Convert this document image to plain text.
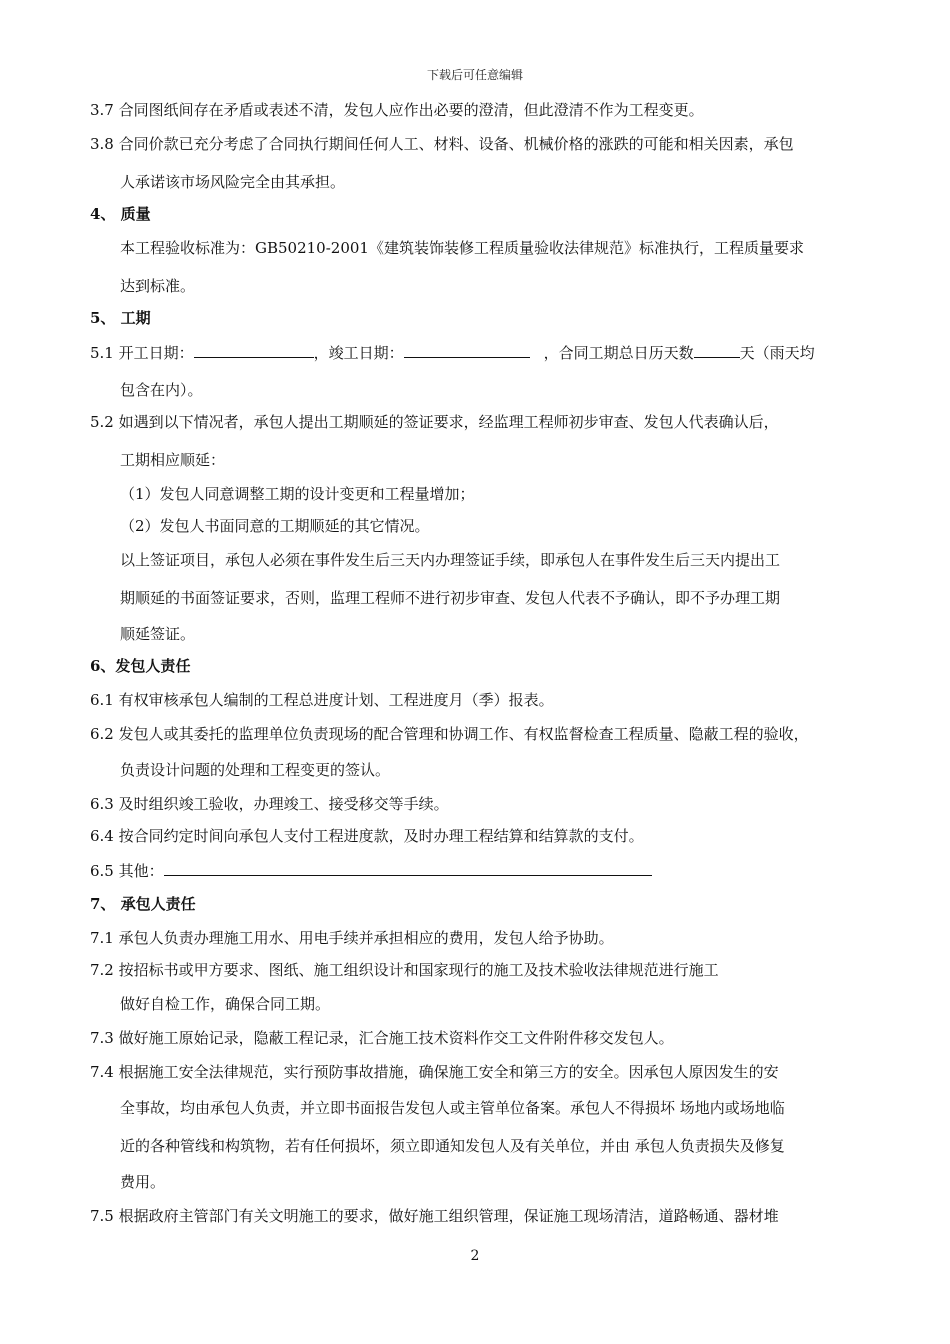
下载后可任意编辑
3.7 合同图纸间存在矛盾或表述不清，发包人应作出必要的澄清，但此澄清不作为工程变更。
3.8 合同价款已充分考虑了合同执行期间任何人工、材料、设备、机械价格的涨跌的可能和相关因素，承包
人承诺该市场风险完全由其承担。
4、 质量
本工程验收标准为：GB50210-2001《建筑装饰装修工程质量验收法律规范》标准执行，工程质量要求
达到标准。
5、 工期
5.1 开工日期：	，竣工日期：	，合同工期总日历天数	天（雨天均
包含在内）。
5.2 如遇到以下情况者，承包人提出工期顺延的签证要求，经监理工程师初步审查、发包人代表确认后，
工期相应顺延：
（1）发包人同意调整工期的设计变更和工程量增加；
（2）发包人书面同意的工期顺延的其它情况。
以上签证项目，承包人必须在事件发生后三天内办理签证手续，即承包人在事件发生后三天内提出工
期顺延的书面签证要求，否则，监理工程师不进行初步审查、发包人代表不予确认，即不予办理工期
顺延签证。
6、发包人责任
6.1 有权审核承包人编制的工程总进度计划、工程进度月（季）报表。
6.2 发包人或其委托的监理单位负责现场的配合管理和协调工作、有权监督检查工程质量、隐蔽工程的验收，
负责设计问题的处理和工程变更的签认。
6.3 及时组织竣工验收，办理竣工、接受移交等手续。
6.4 按合同约定时间向承包人支付工程进度款，及时办理工程结算和结算款的支付。
6.5 其他：
7、 承包人责任
7.1 承包人负责办理施工用水、用电手续并承担相应的费用，发包人给予协助。
7.2 按招标书或甲方要求、图纸、施工组织设计和国家现行的施工及技术验收法律规范进行施工
做好自检工作，确保合同工期。
7.3 做好施工原始记录，隐蔽工程记录，汇合施工技术资料作交工文件附件移交发包人。
7.4 根据施工安全法律规范，实行预防事故措施，确保施工安全和第三方的安全。因承包人原因发生的安
全事故，均由承包人负责，并立即书面报告发包人或主管单位备案。承包人不得损坏 场地内或场地临
近的各种管线和构筑物，若有任何损坏，须立即通知发包人及有关单位，并由 承包人负责损失及修复
费用。
7.5 根据政府主管部门有关文明施工的要求，做好施工组织管理，保证施工现场清洁，道路畅通、器材堆
2
